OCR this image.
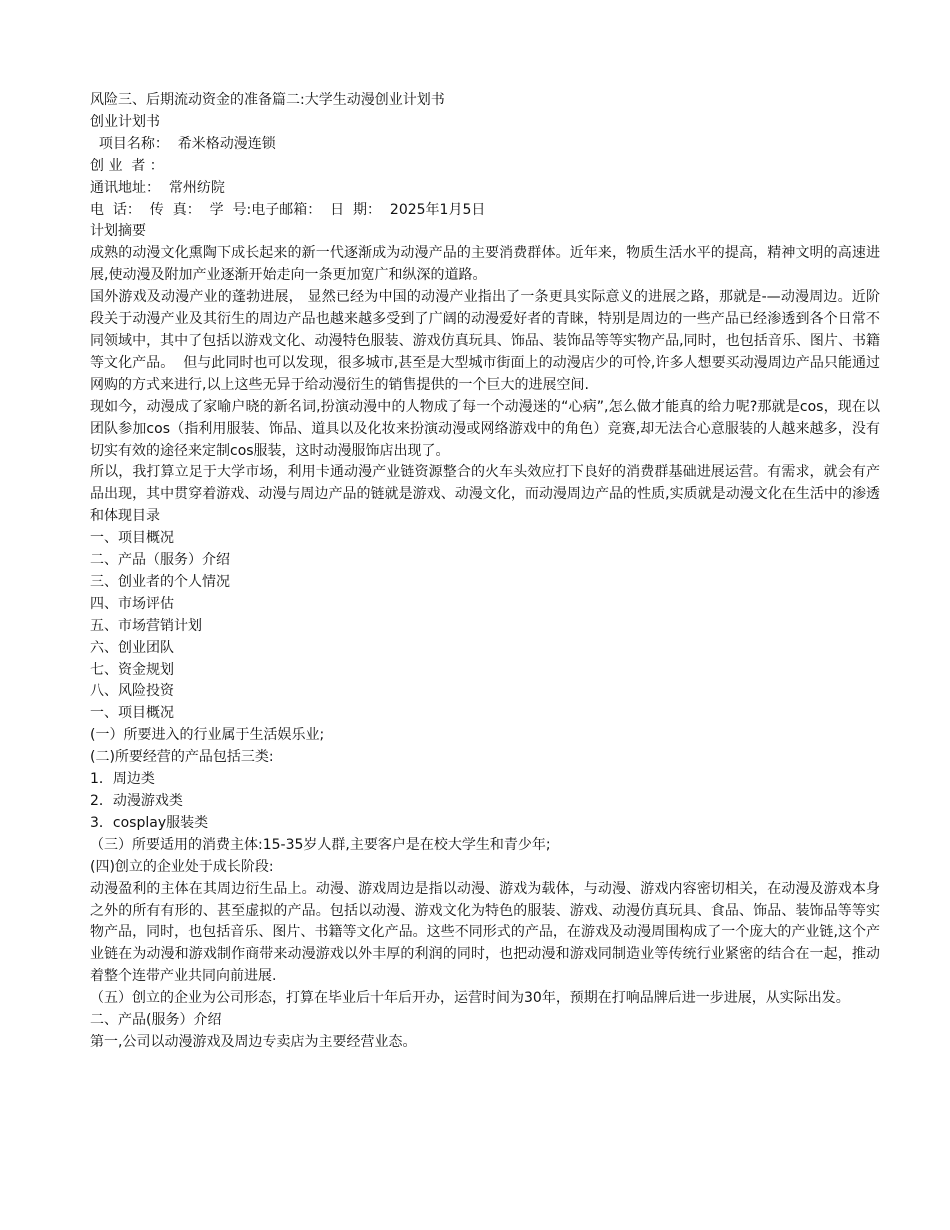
风险三、后期流动资金的准备篇二:大学生动漫创业计划书

创业计划书

项目名称：  希米格动漫连锁

创 业  者 ：

通讯地址：  常州纺院

电  话：  传  真：  学  号:电子邮箱：  日  期：  2025年1月5日

计划摘要

成熟的动漫文化熏陶下成长起来的新一代逐渐成为动漫产品的主要消费群体。近年来，物质生活水平的提高，精神文明的高速进展,使动漫及附加产业逐渐开始走向一条更加宽广和纵深的道路。

国外游戏及动漫产业的蓬勃进展， 显然已经为中国的动漫产业指出了一条更具实际意义的进展之路，那就是-—动漫周边。近阶段关于动漫产业及其衍生的周边产品也越来越多受到了广阔的动漫爱好者的青睐，特别是周边的一些产品已经渗透到各个日常不同领域中，其中了包括以游戏文化、动漫特色服装、游戏仿真玩具、饰品、装饰品等等实物产品,同时，也包括音乐、图片、书籍等文化产品。  但与此同时也可以发现，很多城市,甚至是大型城市街面上的动漫店少的可怜,许多人想要买动漫周边产品只能通过网购的方式来进行,以上这些无异于给动漫衍生的销售提供的一个巨大的进展空间.

现如今，动漫成了家喻户晓的新名词,扮演动漫中的人物成了每一个动漫迷的“心病”,怎么做才能真的给力呢?那就是cos，现在以团队参加cos（指利用服装、饰品、道具以及化妆来扮演动漫或网络游戏中的角色）竞赛,却无法合心意服装的人越来越多，没有切实有效的途径来定制cos服装，这时动漫服饰店出现了。

所以，我打算立足于大学市场，利用卡通动漫产业链资源整合的火车头效应打下良好的消费群基础进展运营。有需求，就会有产品出现，其中贯穿着游戏、动漫与周边产品的链就是游戏、动漫文化，而动漫周边产品的性质,实质就是动漫文化在生活中的渗透和体现目录

一、项目概况

二、产品（服务）介绍

三、创业者的个人情况

四、市场评估

五、市场营销计划

六、创业团队

七、资金规划

八、风险投资

一、项目概况

(一）所要进入的行业属于生活娱乐业;

(二)所要经营的产品包括三类:

1．周边类

2．动漫游戏类

3．cosplay服装类

（三）所要适用的消费主体:15-35岁人群,主要客户是在校大学生和青少年;

(四)创立的企业处于成长阶段:

动漫盈利的主体在其周边衍生品上。动漫、游戏周边是指以动漫、游戏为载体，与动漫、游戏内容密切相关，在动漫及游戏本身之外的所有有形的、甚至虚拟的产品。包括以动漫、游戏文化为特色的服装、游戏、动漫仿真玩具、食品、饰品、装饰品等等实物产品，同时，也包括音乐、图片、书籍等文化产品。这些不同形式的产品，在游戏及动漫周围构成了一个庞大的产业链,这个产业链在为动漫和游戏制作商带来动漫游戏以外丰厚的利润的同时，也把动漫和游戏同制造业等传统行业紧密的结合在一起，推动着整个连带产业共同向前进展.

（五）创立的企业为公司形态，打算在毕业后十年后开办，运营时间为30年，预期在打响品牌后进一步进展，从实际出发。

二、产品(服务）介绍

第一,公司以动漫游戏及周边专卖店为主要经营业态。
